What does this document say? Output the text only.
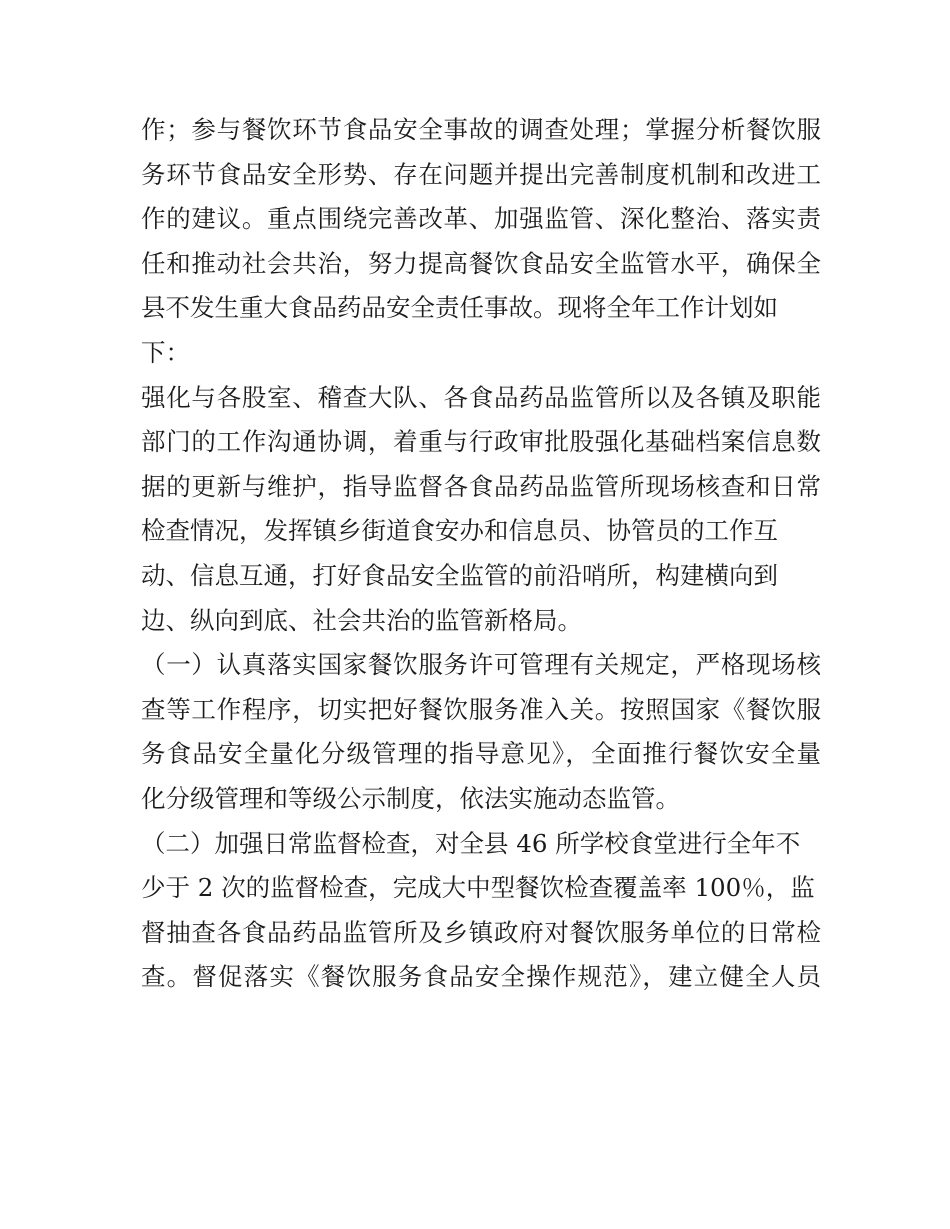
作；参与餐饮环节食品安全事故的调查处理；掌握分析餐饮服
务环节食品安全形势、存在问题并提出完善制度机制和改进工
作的建议。重点围绕完善改革、加强监管、深化整治、落实责
任和推动社会共治，努力提高餐饮食品安全监管水平，确保全
县不发生重大食品药品安全责任事故。现将全年工作计划如
下：
强化与各股室、稽查大队、各食品药品监管所以及各镇及职能
部门的工作沟通协调，着重与行政审批股强化基础档案信息数
据的更新与维护，指导监督各食品药品监管所现场核查和日常
检查情况，发挥镇乡街道食安办和信息员、协管员的工作互
动、信息互通，打好食品安全监管的前沿哨所，构建横向到
边、纵向到底、社会共治的监管新格局。
（一）认真落实国家餐饮服务许可管理有关规定，严格现场核
查等工作程序，切实把好餐饮服务准入关。按照国家《餐饮服
务食品安全量化分级管理的指导意见》，全面推行餐饮安全量
化分级管理和等级公示制度，依法实施动态监管。
（二）加强日常监督检查，对全县 46 所学校食堂进行全年不
少于 2 次的监督检查，完成大中型餐饮检查覆盖率 100％，监
督抽查各食品药品监管所及乡镇政府对餐饮服务单位的日常检
查。督促落实《餐饮服务食品安全操作规范》，建立健全人员
